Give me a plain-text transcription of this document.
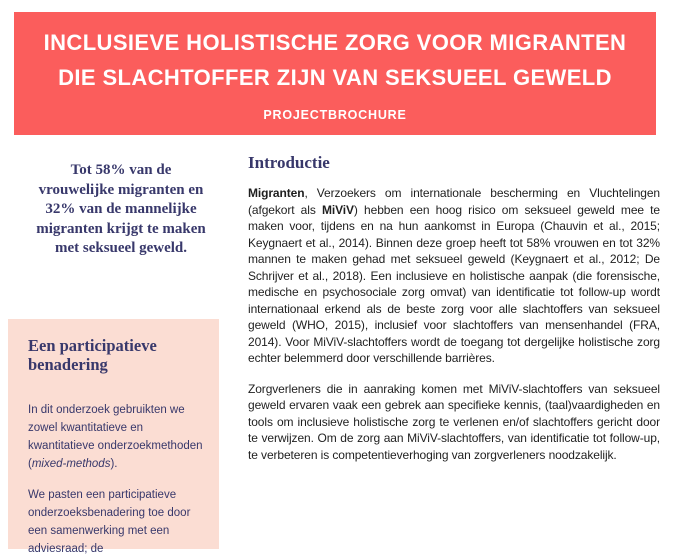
INCLUSIEVE HOLISTISCHE ZORG VOOR MIGRANTEN
DIE SLACHTOFFER ZIJN VAN SEKSUEEL GEWELD
PROJECTBROCHURE
Tot 58% van de vrouwelijke migranten en 32% van de mannelijke migranten krijgt te maken met seksueel geweld.
Een participatieve benadering

In dit onderzoek gebruikten we zowel kwantitatieve en kwantitatieve onderzoekmethoden (mixed-methods).

We pasten een participatieve onderzoeksbenadering toe door een samenwerking met een adviesraad; de

Introductie

Migranten, Verzoekers om internationale bescherming en Vluchtelingen (afgekort als MiViV) hebben een hoog risico om seksueel geweld mee te maken voor, tijdens en na hun aankomst in Europa (Chauvin et al., 2015; Keygnaert et al., 2014). Binnen deze groep heeft tot 58% vrouwen en tot 32% mannen te maken gehad met seksueel geweld (Keygnaert et al., 2012; De Schrijver et al., 2018). Een inclusieve en holistische aanpak (die forensische, medische en psychosociale zorg omvat) van identificatie tot follow-up wordt internationaal erkend als de beste zorg voor alle slachtoffers van seksueel geweld (WHO, 2015), inclusief voor slachtoffers van mensenhandel (FRA, 2014). Voor MiViV-slachtoffers wordt de toegang tot dergelijke holistische zorg echter belemmerd door verschillende barrières.

Zorgverleners die in aanraking komen met MiViV-slachtoffers van seksueel geweld ervaren vaak een gebrek aan specifieke kennis, (taal)vaardigheden en tools om inclusieve holistische zorg te verlenen en/of slachtoffers gericht door te verwijzen. Om de zorg aan MiViV-slachtoffers, van identificatie tot follow-up, te verbeteren is competentieverhoging van zorgverleners noodzakelijk.
